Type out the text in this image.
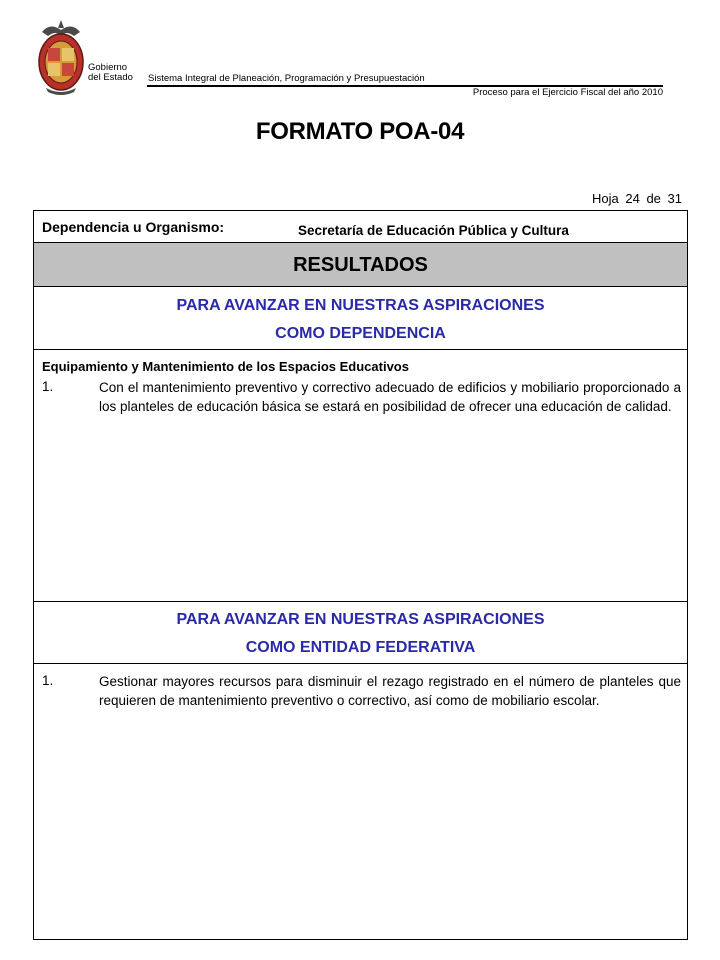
Gobierno
del Estado Sistema Integral de Planeación, Programación y Presupuestación
Proceso para el Ejercicio Fiscal del año 2010
FORMATO POA-04
Hoja 24 de 31
Dependencia u Organismo:	Secretaría de Educación Pública y Cultura
RESULTADOS
PARA AVANZAR EN NUESTRAS ASPIRACIONES
COMO DEPENDENCIA
Equipamiento y Mantenimiento de los Espacios Educativos
1.	Con el mantenimiento preventivo y correctivo adecuado de edificios y mobiliario proporcionado a los planteles de educación básica se estará en posibilidad de ofrecer una educación de calidad.
PARA AVANZAR EN NUESTRAS ASPIRACIONES
COMO ENTIDAD FEDERATIVA
1.	Gestionar mayores recursos para disminuir el rezago registrado en el número de planteles que requieren de mantenimiento preventivo o correctivo, así como de mobiliario escolar.
